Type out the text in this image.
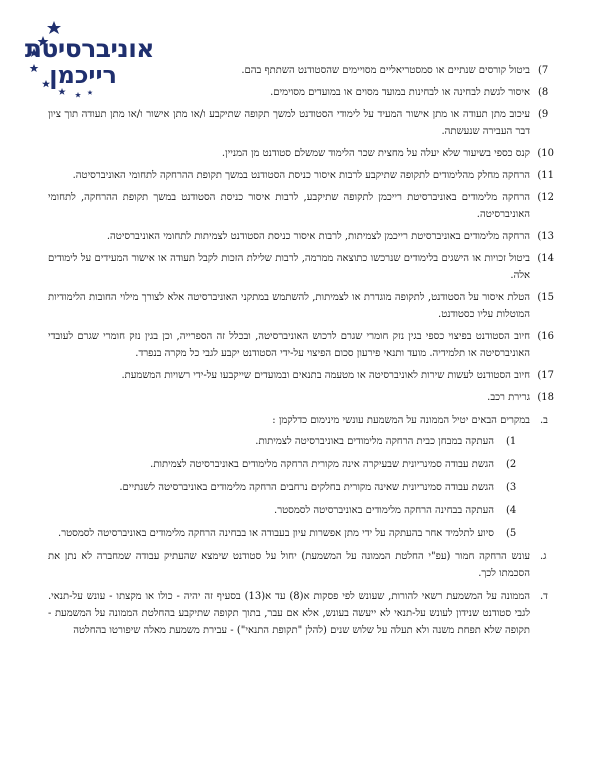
אוניברסיטת
רייכמן	7)
ביטול קורסים שנתיים או סמסטריאליים מסויימים שהסטודנט השתתף בהם.
8)
איסור לגשת לבחינה או לבחינות במועד מסוים או במועדים מסוימים.
9)
עיכוב מתן תעודה או מתן אישור המעיד על לימודי הסטודנט למשך תקופה שתיקבע ו/או מתן אישור ו/או מתן תעודה תוך ציון דבר העבירה שנעשתה.
10)
קנס כספי בשיעור שלא יעלה על מחצית שכר הלימוד שמשלם סטודנט מן המניין.
11)
הרחקה מחלק מהלימודים לתקופה שתיקבע לרבות איסור כניסת הסטודנט במשך תקופת ההרחקה לתחומי האוניברסיטה.
12)
הרחקה מלימודים באוניברסיטת רייכמן לתקופה שתיקבע, לרבות איסור כניסת הסטודנט במשך תקופת ההרחקה, לתחומי האוניברסיטה.
13)
הרחקה מלימודים באוניברסיטת רייכמן לצמיתות, לרבות איסור כניסת הסטודנט לצמיתות לתחומי האוניברסיטה.
14)
ביטול זכויות או הישגים בלימודים שנרכשו כתוצאה ממרמה, לרבות שלילת הזכות לקבל תעודה או אישור המעידים על לימודים אלה.
15)
הטלת איסור על הסטודנט, לתקופה מוגדרת או לצמיתות, להשתמש במתקני האוניברסיטה אלא לצורך מילוי החובות הלימודיות המוטלות עליו כסטודנט.
16)
חיוב הסטודנט בפיצוי כספי בגין נזק חומרי שגרם לרכוש האוניברסיטה, ובכלל זה הספרייה, וכן בגין נזק חומרי שגרם לעובדי האוניברסיטה או תלמידיה. מועד ותנאי פירעון סכום הפיצוי על-ידי הסטודנט יקבע לגבי כל מקרה בנפרד.
17)
חיוב הסטודנט לעשות שירות לאוניברסיטה או מטעמה בתנאים ובמועדים שייקבעו על-ידי רשויות המשמעת.
18)
גרירת רכב.
ב.
במקרים הבאים יטיל הממונה על המשמעת עונשי מינימום כדלקמן :
1)
העתקה במבחן כבית הרחקה מלימודים באוניברסיטה לצמיתות.
2)
הגשת עבודה סמינריונית שבעיקרה אינה מקורית הרחקה מלימודים באוניברסיטה לצמיתות.
3)
הגשת עבודה סמינריונית שאינה מקורית בחלקים נרחבים הרחקה מלימודים באוניברסיטה לשנתיים.
4)
העתקה בבחינה הרחקה מלימודים באוניברסיטה לסמסטר.
5)
סיוע לתלמיד אחר בהעתקה על ידי מתן אפשרות עיון בעבודה או בבחינה הרחקה מלימודים באוניברסיטה לסמסטר.
ג.
עונש הרחקה חמור (עפ"י החלטת הממונה על המשמעת) יחול על סטודנט שימצא שהעתיק עבודה שמחברה לא נתן את הסכמתו לכך.
ד.
הממונה על המשמעת רשאי להורות, שעונש לפי פסקות א(8) עד א(13) בסעיף זה יהיה - כולו או מקצתו - עונש על-תנאי. לגבי סטודנט שנידון לעונש על-תנאי לא ייעשה בעונש, אלא אם עבר, בתוך תקופה שתיקבע בהחלטת הממונה על המשמעת - תקופה שלא תפחת משנה ולא תעלה על שלוש שנים (להלן "תקופת התנאי") - עבירת משמעת מאלה שיפורטו בהחלטה
